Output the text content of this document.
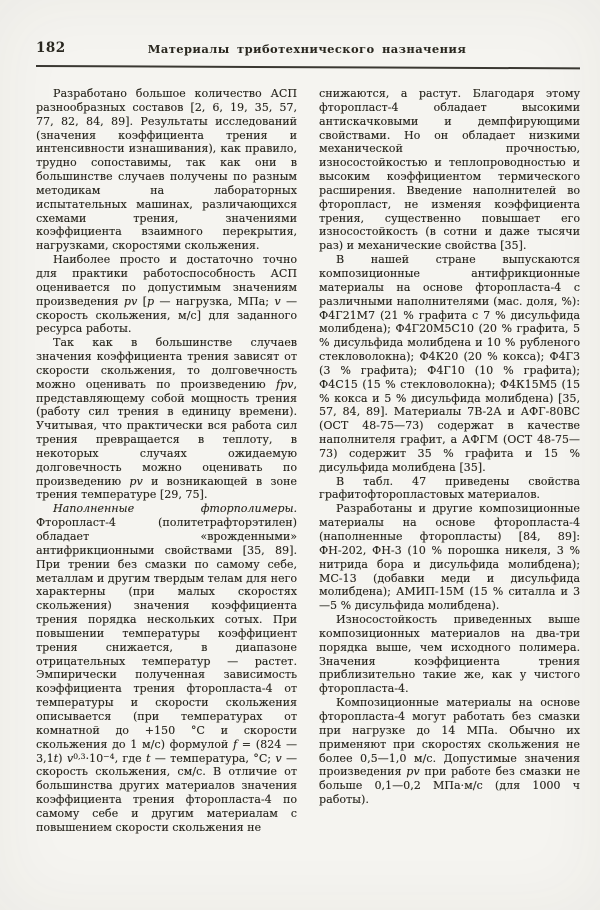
182	Материалы триботехнического назначения

Разработано большое количество АСП разнообразных составов [2, 6, 19, 35, 57, 77, 82, 84, 89]. Результаты исследований (значения коэффициента трения и интенсивности изнашивания), как правило, трудно сопоставимы, так как они в большинстве случаев получены по разным методикам на лабораторных испытательных машинах, различающихся схемами трения, значениями коэффициента взаимного перекрытия, нагрузками, скоростями скольжения.

Наиболее просто и достаточно точно для практики работоспособность АСП оценивается по допустимым значениям произведения pv [p — нагрузка, МПа; v — скорость скольжения, м/с] для заданного ресурса работы.

Так как в большинстве случаев значения коэффициента трения зависят от скорости скольжения, то долговечность можно оценивать по произведению fpv, представляющему собой мощность трения (работу сил трения в единицу времени). Учитывая, что практически вся работа сил трения превращается в теплоту, в некоторых случаях ожидаемую долговечность можно оценивать по произведению pv и возникающей в зоне трения температуре [29, 75].

Наполненные фторполимеры. Фторопласт-4 (политетрафторэтилен) обладает «врожденными» антифрикционными свойствами [35, 89]. При трении без смазки по самому себе, металлам и другим твердым телам для него характерны (при малых скоростях скольжения) значения коэффициента трения порядка нескольких сотых. При повышении температуры коэффициент трения снижается, в диапазоне отрицательных температур — растет. Эмпирически полученная зависимость коэффициента трения фторопласта-4 от температуры и скорости скольжения описывается (при температурах от комнатной до +150 °С и скорости скольжения до 1 м/с) формулой f = (824 — 3,1t) $v^{0,3}\cdot 10^{-4}$, где t — температура, °С; v — скорость скольжения, см/с. В отличие от большинства других материалов значения коэффициента трения фторопласта-4 по самому себе и другим материалам с повышением скорости скольжения не

снижаются, а растут. Благодаря этому фторопласт-4 обладает высокими антискачковыми и демпфирующими свойствами. Но он обладает низкими механической прочностью, износостойкостью и теплопроводностью и высоким коэффициентом термического расширения. Введение наполнителей во фторопласт, не изменяя коэффициента трения, существенно повышает его износостойкость (в сотни и даже тысячи раз) и механические свойства [35].

В нашей стране выпускаются композиционные антифрикционные материалы на основе фторопласта-4 с различными наполнителями (мас. доля, %): Ф4Г21М7 (21 % графита с 7 % дисульфида молибдена); Ф4Г20М5С10 (20 % графита, 5 % дисульфида молибдена и 10 % рубленого стекловолокна); Ф4К20 (20 % кокса); Ф4Г3 (3 % графита); Ф4Г10 (10 % графита); Ф4С15 (15 % стекловолокна); Ф4К15М5 (15 % кокса и 5 % дисульфида молибдена) [35, 57, 84, 89]. Материалы 7В-2А и АФГ-80ВС (ОСТ 48-75—73) содержат в качестве наполнителя графит, а АФГМ (ОСТ 48-75—73) содержит 35 % графита и 15 % дисульфида молибдена [35].

В табл. 47 приведены свойства графитофторопластовых материалов.

Разработаны и другие композиционные материалы на основе фторопласта-4 (наполненные фторопласты) [84, 89]: ФН-202, ФН-3 (10 % порошка никеля, 3 % нитрида бора и дисульфида молибдена); МС-13 (добавки меди и дисульфида молибдена); АМИП-15М (15 % ситалла и 3—5 % дисульфида молибдена).

Износостойкость приведенных выше композиционных материалов на два-три порядка выше, чем исходного полимера. Значения коэффициента трения приблизительно такие же, как у чистого фторопласта-4.

Композиционные материалы на основе фторопласта-4 могут работать без смазки при нагрузке до 14 МПа. Обычно их применяют при скоростях скольжения не более 0,5—1,0 м/с. Допустимые значения произведения pv при работе без смазки не больше 0,1—0,2 МПа·м/с (для 1000 ч работы).
